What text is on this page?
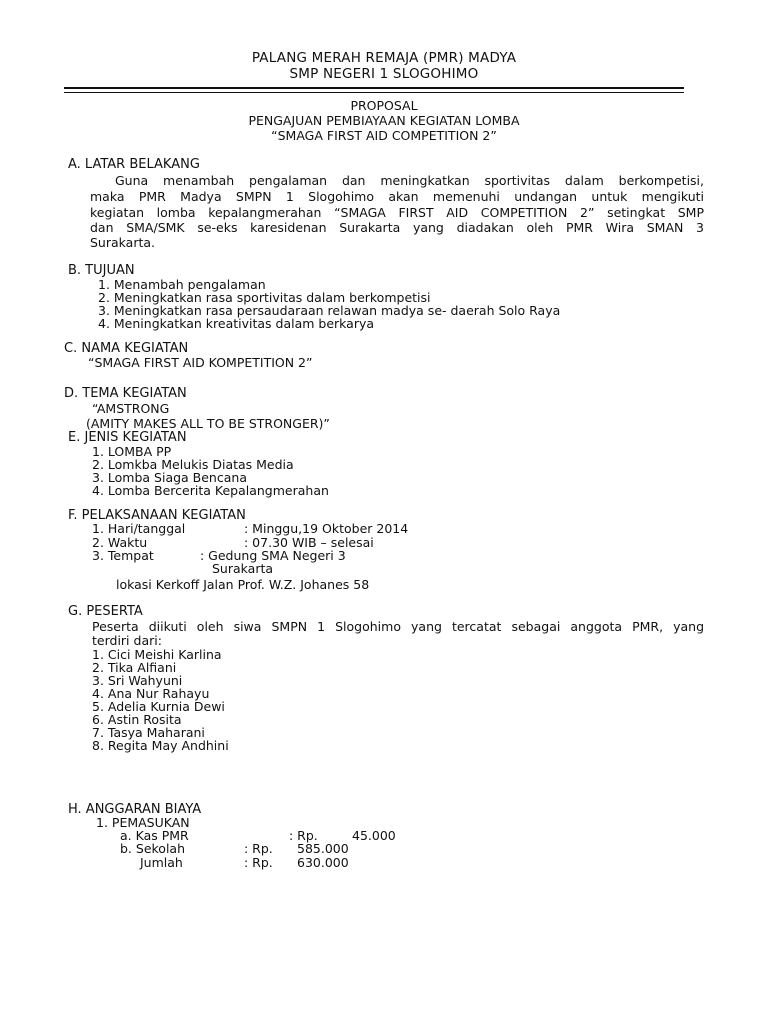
PALANG MERAH REMAJA (PMR) MADYA
SMP NEGERI 1 SLOGOHIMO
PROPOSAL
PENGAJUAN PEMBIAYAAN KEGIATAN LOMBA
“SMAGA FIRST AID COMPETITION 2”
A. LATAR BELAKANG
Guna menambah pengalaman dan meningkatkan sportivitas dalam berkompetisi,
maka PMR Madya SMPN 1 Slogohimo akan memenuhi undangan untuk mengikuti
kegiatan lomba kepalangmerahan “SMAGA FIRST AID COMPETITION 2” setingkat SMP
dan SMA/SMK se-eks karesidenan Surakarta yang diadakan oleh PMR Wira SMAN 3
Surakarta.
B. TUJUAN
1. Menambah pengalaman
2. Meningkatkan rasa sportivitas dalam berkompetisi
3. Meningkatkan rasa persaudaraan relawan madya se- daerah Solo Raya
4. Meningkatkan kreativitas dalam berkarya
C. NAMA KEGIATAN
“SMAGA FIRST AID KOMPETITION 2”
D. TEMA KEGIATAN
“AMSTRONG
(AMITY MAKES ALL TO BE STRONGER)”
E. JENIS KEGIATAN
1. LOMBA PP
2. Lomkba Melukis Diatas Media
3. Lomba Siaga Bencana
4. Lomba Bercerita Kepalangmerahan
F. PELAKSANAAN KEGIATAN
1. Hari/tanggal	: Minggu,19 Oktober 2014
2. Waktu	: 07.30 WIB – selesai
3. Tempat	: Gedung SMA Negeri 3
Surakarta
lokasi Kerkoff Jalan Prof. W.Z. Johanes 58
G. PESERTA
Peserta diikuti oleh siwa SMPN 1 Slogohimo yang tercatat sebagai anggota PMR, yang
terdiri dari:
1. Cici Meishi Karlina
2. Tika Alfiani
3. Sri Wahyuni
4. Ana Nur Rahayu
5. Adelia Kurnia Dewi
6. Astin Rosita
7. Tasya Maharani
8. Regita May Andhini
H. ANGGARAN BIAYA
1. PEMASUKAN
a. Kas PMR	: Rp.	45.000
b. Sekolah	: Rp. 585.000
Jumlah	: Rp. 630.000
